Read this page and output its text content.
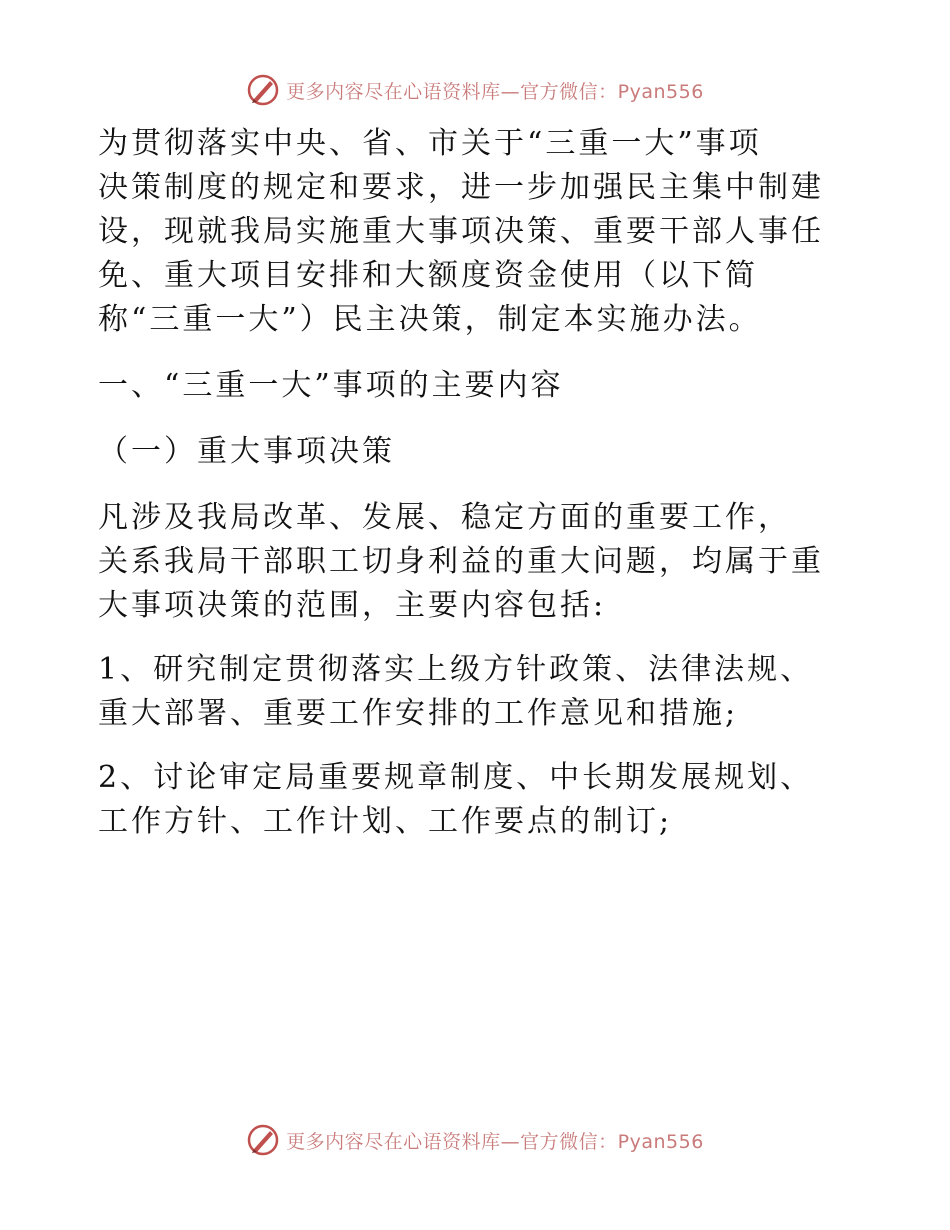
更多内容尽在心语资料库—官方微信：Pyan556

为贯彻落实中央、省、市关于“三重一大”事项

决策制度的规定和要求，进一步加强民主集中制建

设，现就我局实施重大事项决策、重要干部人事任

免、重大项目安排和大额度资金使用（以下简

称“三重一大”）民主决策，制定本实施办法。

一、“三重一大”事项的主要内容

（一）重大事项决策

凡涉及我局改革、发展、稳定方面的重要工作，

关系我局干部职工切身利益的重大问题，均属于重

大事项决策的范围，主要内容包括:

1、研究制定贯彻落实上级方针政策、法律法规、

重大部署、重要工作安排的工作意见和措施;

2、讨论审定局重要规章制度、中长期发展规划、

工作方针、工作计划、工作要点的制订;

更多内容尽在心语资料库—官方微信：Pyan556
